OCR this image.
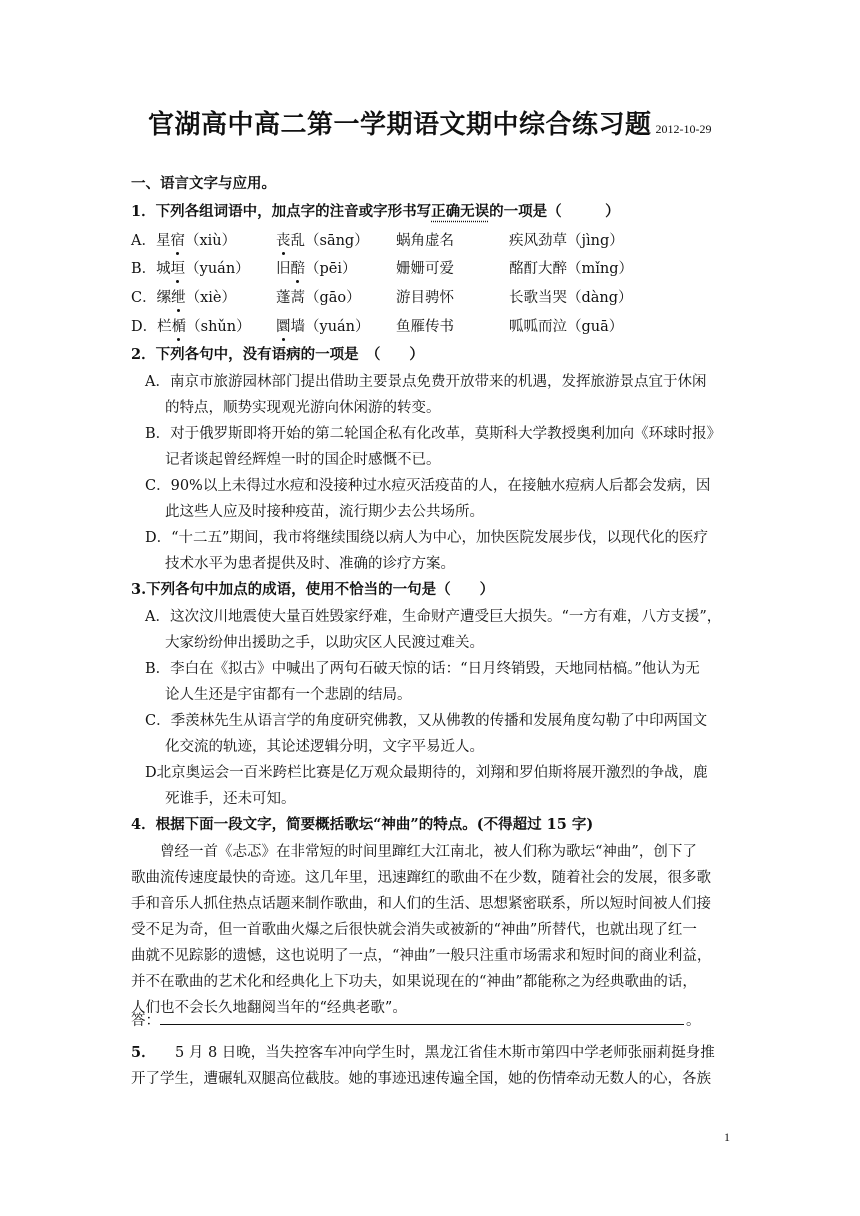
官湖高中高二第一学期语文期中综合练习题 2012-10-29
一、语言文字与应用。
1．下列各组词语中，加点字的注音或字形书写正确无误的一项是（　　　）
A．星宿（xiù）	丧乱（sāng） 蜗角虚名	疾风劲草（jìng）
B．城垣（yuán） 旧醅（pēi）	姗姗可爱	酩酊大醉（mǐng）
C．缧绁（xiè）	蓬蒿（gāo） 游目骋怀	长歌当哭（dàng）
D．栏楯（shǔn） 圜墙（yuán） 鱼雁传书	呱呱而泣（guā）
2．下列各句中，没有语病的一项是　（　　）
A．南京市旅游园林部门提出借助主要景点免费开放带来的机遇，发挥旅游景点宜于休闲
的特点，顺势实现观光游向休闲游的转变。
B．对于俄罗斯即将开始的第二轮国企私有化改革，莫斯科大学教授奥利加向《环球时报》
记者谈起曾经辉煌一时的国企时感慨不已。
C．90%以上未得过水痘和没接种过水痘灭活疫苗的人，在接触水痘病人后都会发病，因
此这些人应及时接种疫苗，流行期少去公共场所。
D．“十二五”期间，我市将继续围绕以病人为中心，加快医院发展步伐，以现代化的医疗
技术水平为患者提供及时、准确的诊疗方案。
3.下列各句中加点的成语，使用不恰当的一句是（　　）
A．这次汶川地震使大量百姓毁家纾难，生命财产遭受巨大损失。“一方有难，八方支援”，
大家纷纷伸出援助之手，以助灾区人民渡过难关。
B．李白在《拟古》中喊出了两句石破天惊的话：“日月终销毁，天地同枯槁。”他认为无
论人生还是宇宙都有一个悲剧的结局。
C．季羡林先生从语言学的角度研究佛教，又从佛教的传播和发展角度勾勒了中印两国文
化交流的轨迹，其论述逻辑分明，文字平易近人。
D北京奥运会一百米跨栏比赛是亿万观众最期待的，刘翔和罗伯斯将展开激烈的争战，鹿
死谁手，还未可知。
4．根据下面一段文字，简要概括歌坛“神曲”的特点。(不得超过 15 字)
曾经一首《忐忑》在非常短的时间里蹿红大江南北，被人们称为歌坛“神曲”，创下了
歌曲流传速度最快的奇迹。这几年里，迅速蹿红的歌曲不在少数，随着社会的发展，很多歌
手和音乐人抓住热点话题来制作歌曲，和人们的生活、思想紧密联系，所以短时间被人们接
受不足为奇，但一首歌曲火爆之后很快就会消失或被新的“神曲”所替代，也就出现了红一
曲就不见踪影的遗憾，这也说明了一点，“神曲”一般只注重市场需求和短时间的商业利益，
并不在歌曲的艺术化和经典化上下功夫，如果说现在的“神曲”都能称之为经典歌曲的话，
人们也不会长久地翻阅当年的“经典老歌”。
答：	。
5． 5 月 8 日晚，当失控客车冲向学生时，黑龙江省佳木斯市第四中学老师张丽莉挺身推
开了学生，遭碾轧双腿高位截肢。她的事迹迅速传遍全国，她的伤情牵动无数人的心，各族
1
